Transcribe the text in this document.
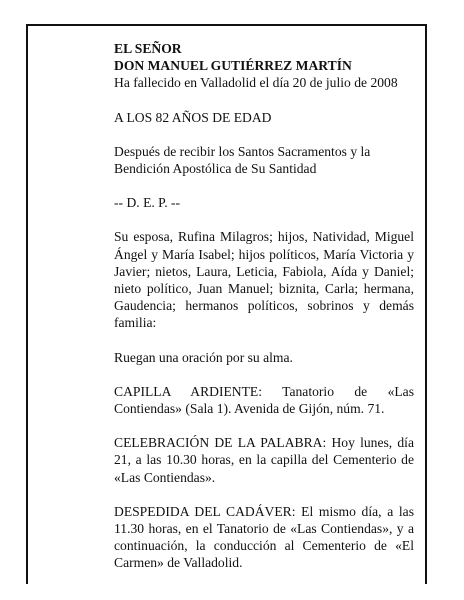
EL SEÑOR
DON MANUEL GUTIÉRREZ MARTÍN

Ha fallecido en Valladolid el día 20 de julio de 2008

A LOS 82 AÑOS DE EDAD

Después de recibir los Santos Sacramentos y la Bendición Apostólica de Su Santidad

-- D. E. P. --

Su esposa, Rufina Milagros; hijos, Natividad, Miguel Ángel y María Isabel; hijos políticos, María Victoria y Javier; nietos, Laura, Leticia, Fabiola, Aída y Daniel; nieto político, Juan Manuel; biznita, Carla; hermana, Gaudencia; hermanos políticos, sobrinos y demás familia:

Ruegan una oración por su alma.

CAPILLA ARDIENTE: Tanatorio de «Las Contiendas» (Sala 1). Avenida de Gijón, núm. 71.

CELEBRACIÓN DE LA PALABRA: Hoy lunes, día 21, a las 10.30 horas, en la capilla del Cementerio de «Las Contiendas».

DESPEDIDA DEL CADÁVER: El mismo día, a las 11.30 horas, en el Tanatorio de «Las Contiendas», y a continuación, la conducción al Cementerio de «El Carmen» de Valladolid.
